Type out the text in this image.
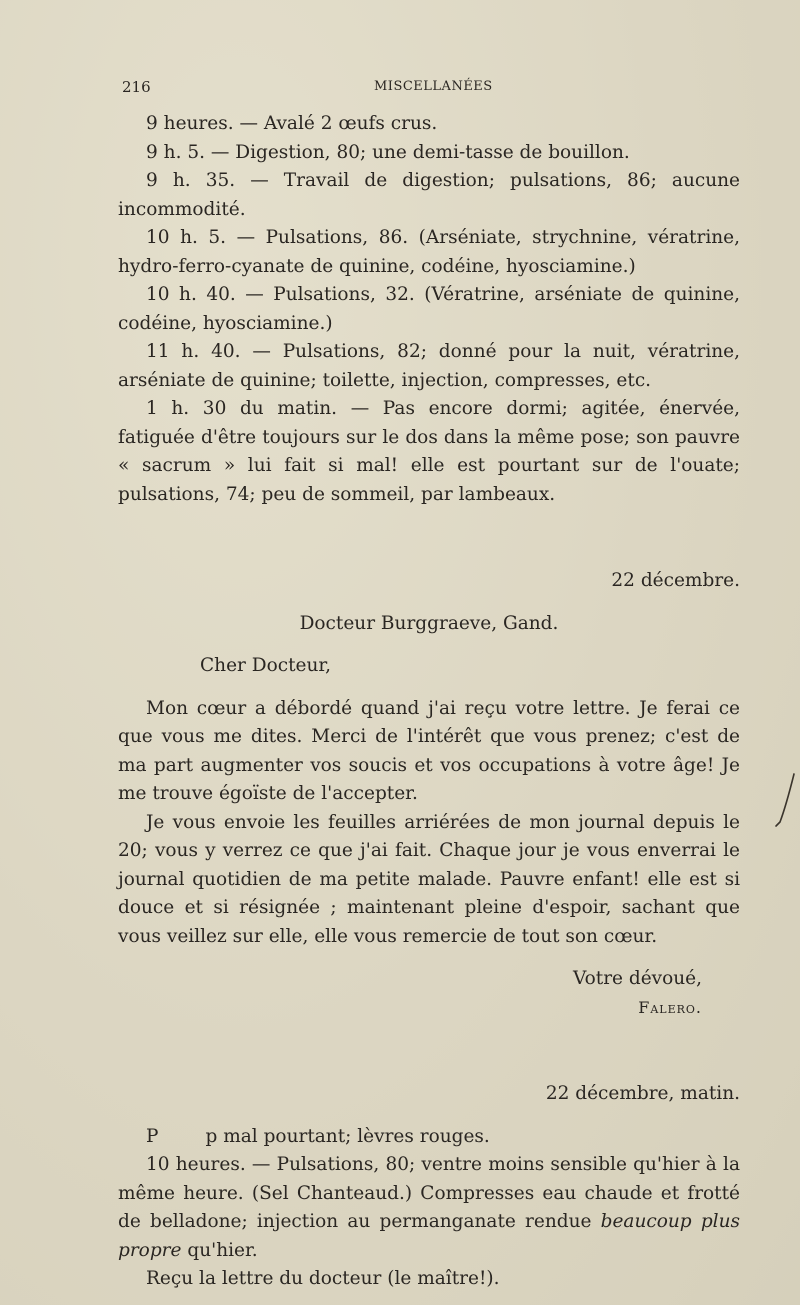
216	MISCELLANÉES

9 heures. — Avalé 2 œufs crus.

9 h. 5. — Digestion, 80; une demi-tasse de bouillon.

9 h. 35. — Travail de digestion; pulsations, 86; aucune incommodité.

10 h. 5. — Pulsations, 86. (Arséniate, strychnine, vératrine, hydro-ferro-cyanate de quinine, codéine, hyosciamine.)

10 h. 40. — Pulsations, 32. (Vératrine, arséniate de quinine, codéine, hyosciamine.)

11 h. 40. — Pulsations, 82; donné pour la nuit, vératrine, arséniate de quinine; toilette, injection, compresses, etc.

1 h. 30 du matin. — Pas encore dormi; agitée, énervée, fatiguée d'être toujours sur le dos dans la même pose; son pauvre « sacrum » lui fait si mal! elle est pourtant sur de l'ouate; pulsations, 74; peu de sommeil, par lambeaux.

22 décembre.

Docteur Burggraeve, Gand.

Cher Docteur,

Mon cœur a débordé quand j'ai reçu votre lettre. Je ferai ce que vous me dites. Merci de l'intérêt que vous prenez; c'est de ma part augmenter vos soucis et vos occupations à votre âge! Je me trouve égoïste de l'accepter.

Je vous envoie les feuilles arriérées de mon journal depuis le 20; vous y verrez ce que j'ai fait. Chaque jour je vous enverrai le journal quotidien de ma petite malade. Pauvre enfant! elle est si douce et si résignée ; maintenant pleine d'espoir, sachant que vous veillez sur elle, elle vous remercie de tout son cœur.

Votre dévoué,

Falero.

22 décembre, matin.

P        p mal pourtant; lèvres rouges.

10 heures. — Pulsations, 80; ventre moins sensible qu'hier à la même heure. (Sel Chanteaud.) Compresses eau chaude et frotté de belladone; injection au permanganate rendue beaucoup plus propre qu'hier.

Reçu la lettre du docteur (le maître!).
